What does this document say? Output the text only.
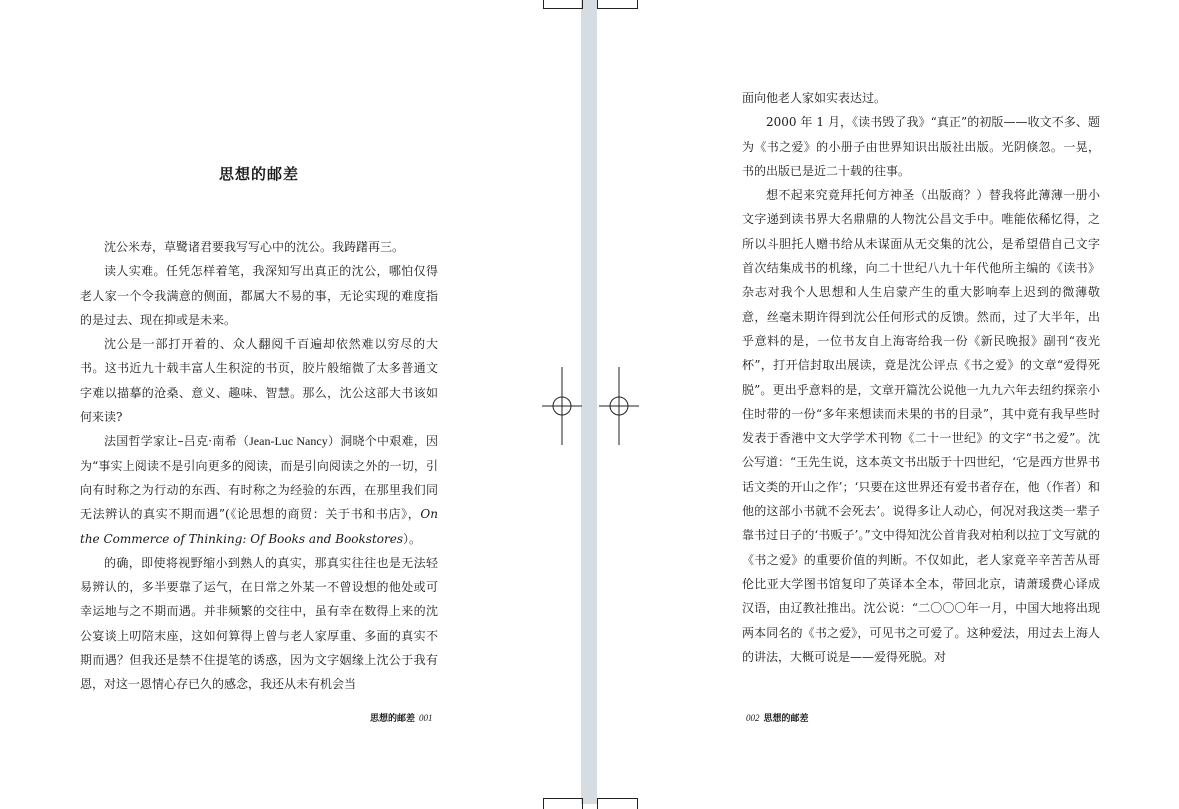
思想的邮差

沈公米寿，草鹭诸君要我写写心中的沈公。我踌躇再三。

读人实难。任凭怎样着笔，我深知写出真正的沈公，哪怕仅得老人家一个令我满意的侧面，都属大不易的事，无论实现的难度指的是过去、现在抑或是未来。

沈公是一部打开着的、众人翻阅千百遍却依然难以穷尽的大书。这书近九十载丰富人生积淀的书页，胶片般缩微了太多普通文字难以描摹的沧桑、意义、趣味、智慧。那么，沈公这部大书该如何来读?

法国哲学家让–吕克·南希（Jean-Luc Nancy）洞晓个中艰难，因为“事实上阅读不是引向更多的阅读，而是引向阅读之外的一切，引向有时称之为行动的东西、有时称之为经验的东西，在那里我们同无法辨认的真实不期而遇”(《论思想的商贸：关于书和书店》，On the Commerce of Thinking: Of Books and Bookstores）。

的确，即使将视野缩小到熟人的真实，那真实往往也是无法轻易辨认的，多半要靠了运气，在日常之外某一不曾设想的他处或可幸运地与之不期而遇。并非频繁的交往中，虽有幸在数得上来的沈公宴谈上叨陪末座，这如何算得上曾与老人家厚重、多面的真实不期而遇？但我还是禁不住提笔的诱惑，因为文字姻缘上沈公于我有恩，对这一恩情心存已久的感念，我还从未有机会当

思想的邮差 001

面向他老人家如实表达过。

2000 年 1 月，《读书毁了我》“真正”的初版——收文不多、题为《书之爱》的小册子由世界知识出版社出版。光阴倏忽。一晃，书的出版已是近二十载的往事。

想不起来究竟拜托何方神圣（出版商？）替我将此薄薄一册小文字递到读书界大名鼎鼎的人物沈公昌文手中。唯能依稀忆得，之所以斗胆托人赠书给从未谋面从无交集的沈公，是希望借自己文字首次结集成书的机缘，向二十世纪八九十年代他所主编的《读书》杂志对我个人思想和人生启蒙产生的重大影响奉上迟到的微薄敬意，丝毫未期许得到沈公任何形式的反馈。然而，过了大半年，出乎意料的是，一位书友自上海寄给我一份《新民晚报》副刊“夜光杯”，打开信封取出展读，竟是沈公评点《书之爱》的文章“爱得死脱”。更出乎意料的是，文章开篇沈公说他一九九六年去纽约探亲小住时带的一份“多年来想读而未果的书的目录”，其中竟有我早些时发表于香港中文大学学术刊物《二十一世纪》的文字“书之爱”。沈公写道：“王先生说，这本英文书出版于十四世纪，‘它是西方世界书话文类的开山之作’；‘只要在这世界还有爱书者存在，他（作者）和他的这部小书就不会死去’。说得多让人动心，何况对我这类一辈子靠书过日子的‘书贩子’。”文中得知沈公首肯我对柏利以拉丁文写就的《书之爱》的重要价值的判断。不仅如此，老人家竟辛辛苦苦从哥伦比亚大学图书馆复印了英译本全本，带回北京，请萧瑗费心译成汉语，由辽教社推出。沈公说：“二〇〇〇年一月，中国大地将出现两本同名的《书之爱》，可见书之可爱了。这种爱法，用过去上海人的讲法，大概可说是——爱得死脱。对

002 思想的邮差
